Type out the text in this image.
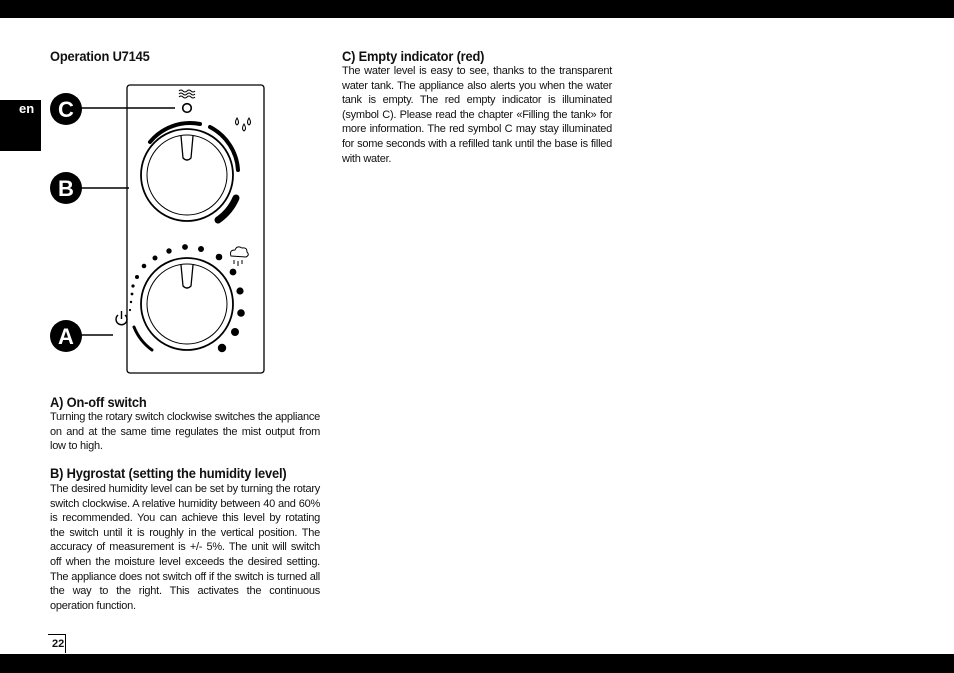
en
Operation U7145
C
B
A
A) On-off switch

Turning the rotary switch clockwise switches the appliance on and at the same time regulates the mist output from low to high.

B) Hygrostat (setting the humidity level)

The desired humidity level can be set by turning the rotary switch clockwise. A relative humidity between 40 and 60% is recommended. You can achieve this level by rotating the switch until it is roughly in the vertical position. The accuracy of measurement is +/- 5%. The unit will switch off when the moisture level exceeds the desired setting. The appliance does not switch off if the switch is turned all the way to the right. This activates the continuous operation function.

C) Empty indicator (red)

The water level is easy to see, thanks to the transparent water tank. The appliance also alerts you when the water tank is empty. The red empty indicator is illuminated (symbol C). Please read the chapter «Filling the tank» for more information. The red symbol C may stay illuminated for some seconds with a refilled tank until the base is filled with water.

22
